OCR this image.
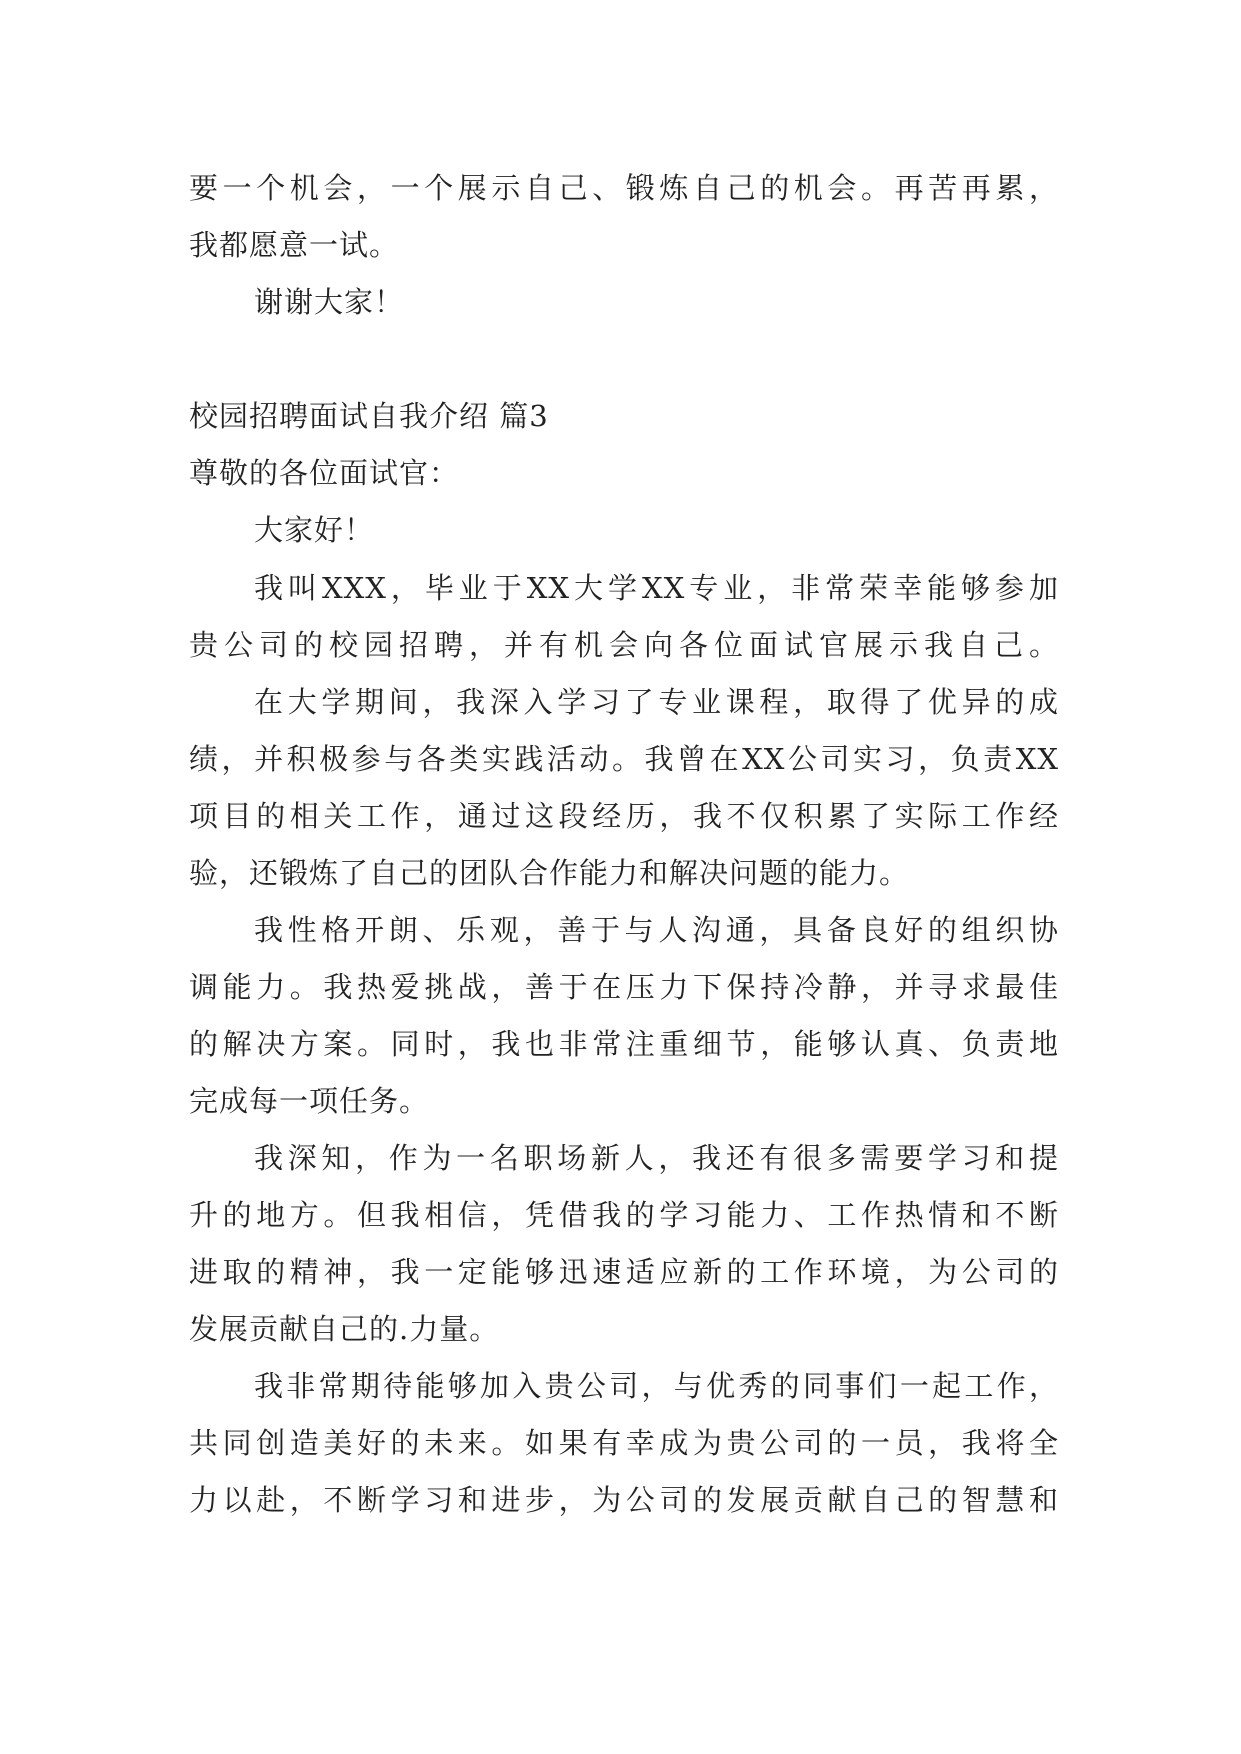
要一个机会，一个展示自己、锻炼自己的机会。再苦再累，
我都愿意一试。
谢谢大家！
校园招聘面试自我介绍 篇3
尊敬的各位面试官：
大家好！
我叫XXX，毕业于XX大学XX专业，非常荣幸能够参加
贵公司的校园招聘，并有机会向各位面试官展示我自己。
在大学期间，我深入学习了专业课程，取得了优异的成
绩，并积极参与各类实践活动。我曾在XX公司实习，负责XX
项目的相关工作，通过这段经历，我不仅积累了实际工作经
验，还锻炼了自己的团队合作能力和解决问题的能力。
我性格开朗、乐观，善于与人沟通，具备良好的组织协
调能力。我热爱挑战，善于在压力下保持冷静，并寻求最佳
的解决方案。同时，我也非常注重细节，能够认真、负责地
完成每一项任务。
我深知，作为一名职场新人，我还有很多需要学习和提
升的地方。但我相信，凭借我的学习能力、工作热情和不断
进取的精神，我一定能够迅速适应新的工作环境，为公司的
发展贡献自己的.力量。
我非常期待能够加入贵公司，与优秀的同事们一起工作，
共同创造美好的未来。如果有幸成为贵公司的一员，我将全
力以赴，不断学习和进步，为公司的发展贡献自己的智慧和
